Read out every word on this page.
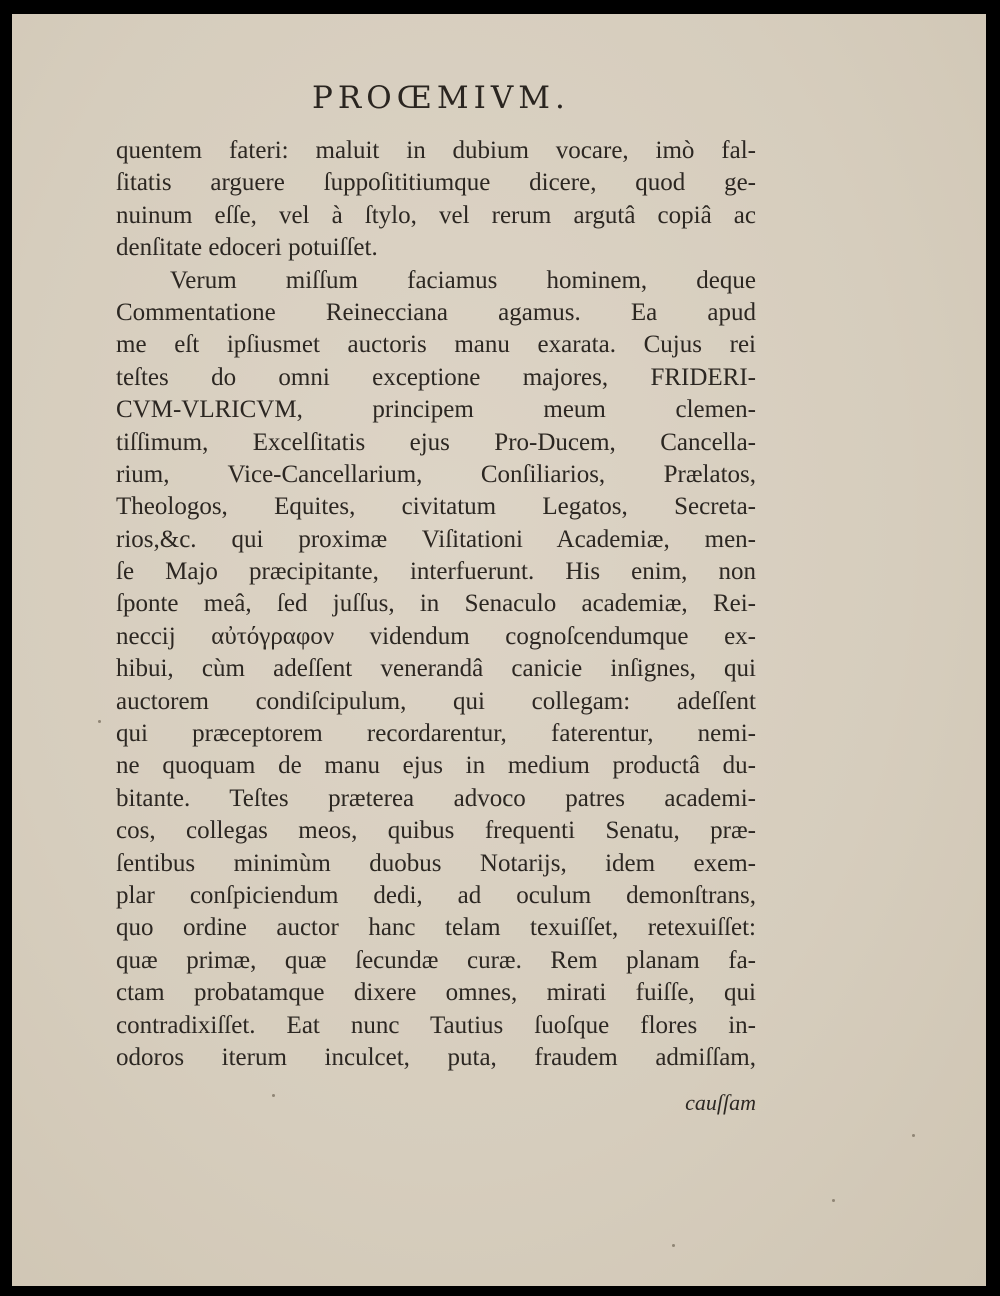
PROŒMIVM.
quentem fateri: maluit in dubium vocare, imò fal-
ſitatis arguere ſuppoſititiumque dicere, quod ge-
nuinum eſſe, vel à ſtylo, vel rerum argutâ copiâ ac
denſitate edoceri potuiſſet.
Verum miſſum faciamus hominem, deque
Commentatione Reinecciana agamus. Ea apud
me eſt ipſiusmet auctoris manu exarata. Cujus rei
teſtes do omni exceptione majores, FRIDERI-
CVM-VLRICVM, principem meum clemen-
tiſſimum, Excelſitatis ejus Pro-Ducem, Cancella-
rium, Vice-Cancellarium, Conſiliarios, Prælatos,
Theologos, Equites, civitatum Legatos, Secreta-
rios,&c. qui proximæ Viſitationi Academiæ, men-
ſe Majo præcipitante, interfuerunt. His enim, non
ſponte meâ, ſed juſſus, in Senaculo academiæ, Rei-
neccij αὐτόγραφον videndum cognoſcendumque ex-
hibui, cùm adeſſent venerandâ canicie inſignes, qui
auctorem condiſcipulum, qui collegam: adeſſent
qui præceptorem recordarentur, faterentur, nemi-
ne quoquam de manu ejus in medium productâ du-
bitante. Teſtes præterea advoco patres academi-
cos, collegas meos, quibus frequenti Senatu, præ-
ſentibus minimùm duobus Notarijs, idem exem-
plar conſpiciendum dedi, ad oculum demonſtrans,
quo ordine auctor hanc telam texuiſſet, retexuiſſet:
quæ primæ, quæ ſecundæ curæ. Rem planam fa-
ctam probatamque dixere omnes, mirati fuiſſe, qui
contradixiſſet. Eat nunc Tautius ſuoſque flores in-
odoros iterum inculcet, puta, fraudem admiſſam,
cauſſam
